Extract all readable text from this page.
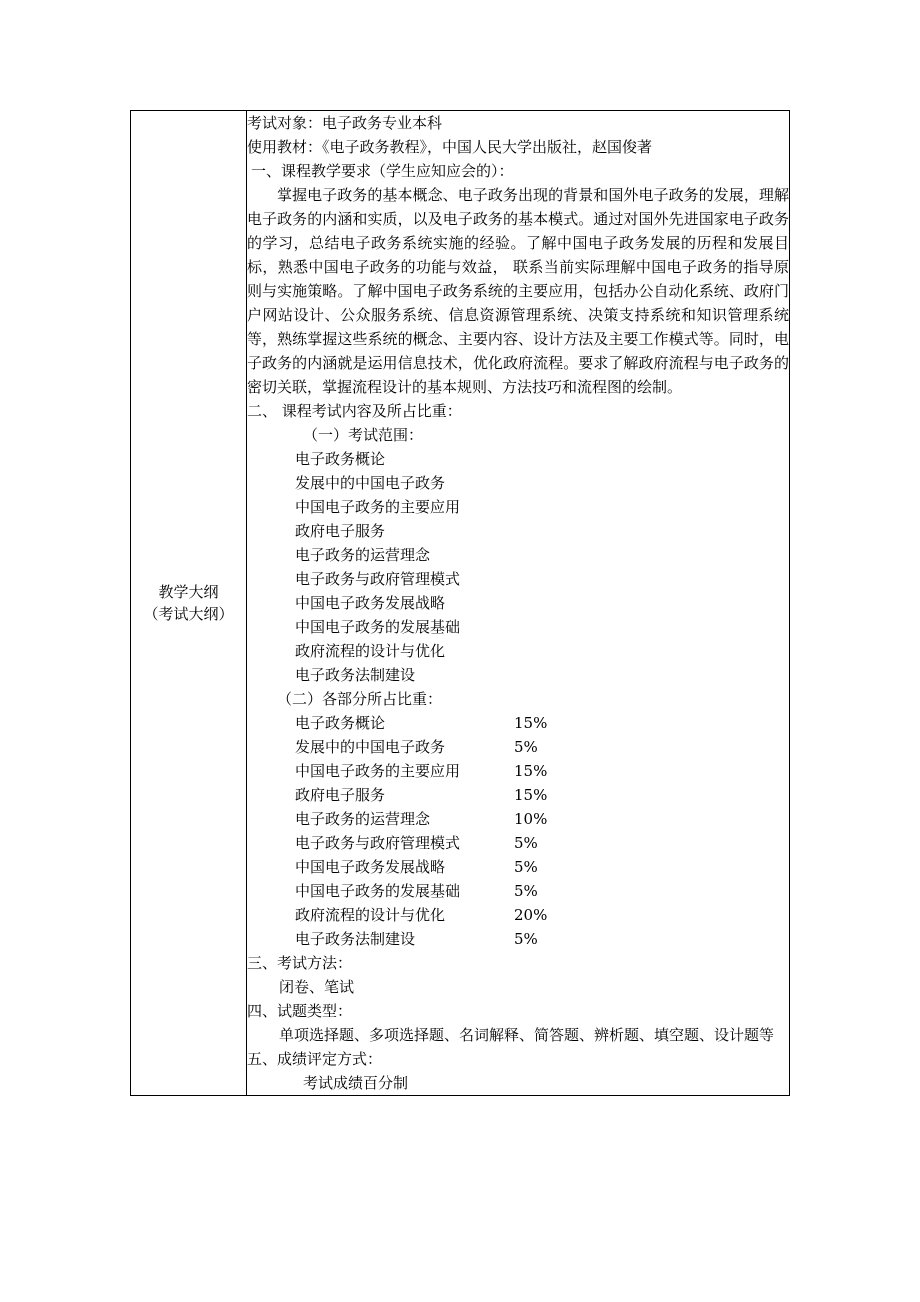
教学大纲
（考试大纲）

考试对象：电子政务专业本科
使用教材：《电子政务教程》，中国人民大学出版社，赵国俊著
一、课程教学要求（学生应知应会的）：
掌握电子政务的基本概念、电子政务出现的背景和国外电子政务的发展，理解电子政务的内涵和实质，以及电子政务的基本模式。通过对国外先进国家电子政务的学习，总结电子政务系统实施的经验。了解中国电子政务发展的历程和发展目标，熟悉中国电子政务的功能与效益， 联系当前实际理解中国电子政务的指导原则与实施策略。了解中国电子政务系统的主要应用，包括办公自动化系统、政府门户网站设计、公众服务系统、信息资源管理系统、决策支持系统和知识管理系统等，熟练掌握这些系统的概念、主要内容、设计方法及主要工作模式等。同时，电子政务的内涵就是运用信息技术，优化政府流程。要求了解政府流程与电子政务的密切关联，掌握流程设计的基本规则、方法技巧和流程图的绘制。
二、 课程考试内容及所占比重：
（一）考试范围：
电子政务概论
发展中的中国电子政务
中国电子政务的主要应用
政府电子服务
电子政务的运营理念
电子政务与政府管理模式
中国电子政务发展战略
中国电子政务的发展基础
政府流程的设计与优化
电子政务法制建设
（二）各部分所占比重：
电子政务概论	15%
发展中的中国电子政务	5%
中国电子政务的主要应用	15%
政府电子服务	15%
电子政务的运营理念	10%
电子政务与政府管理模式	5%
中国电子政务发展战略	5%
中国电子政务的发展基础	5%
政府流程的设计与优化	20%
电子政务法制建设	5%
三、考试方法：
闭卷、笔试
四、试题类型：
单项选择题、多项选择题、名词解释、简答题、辨析题、填空题、设计题等
五、成绩评定方式：
考试成绩百分制
